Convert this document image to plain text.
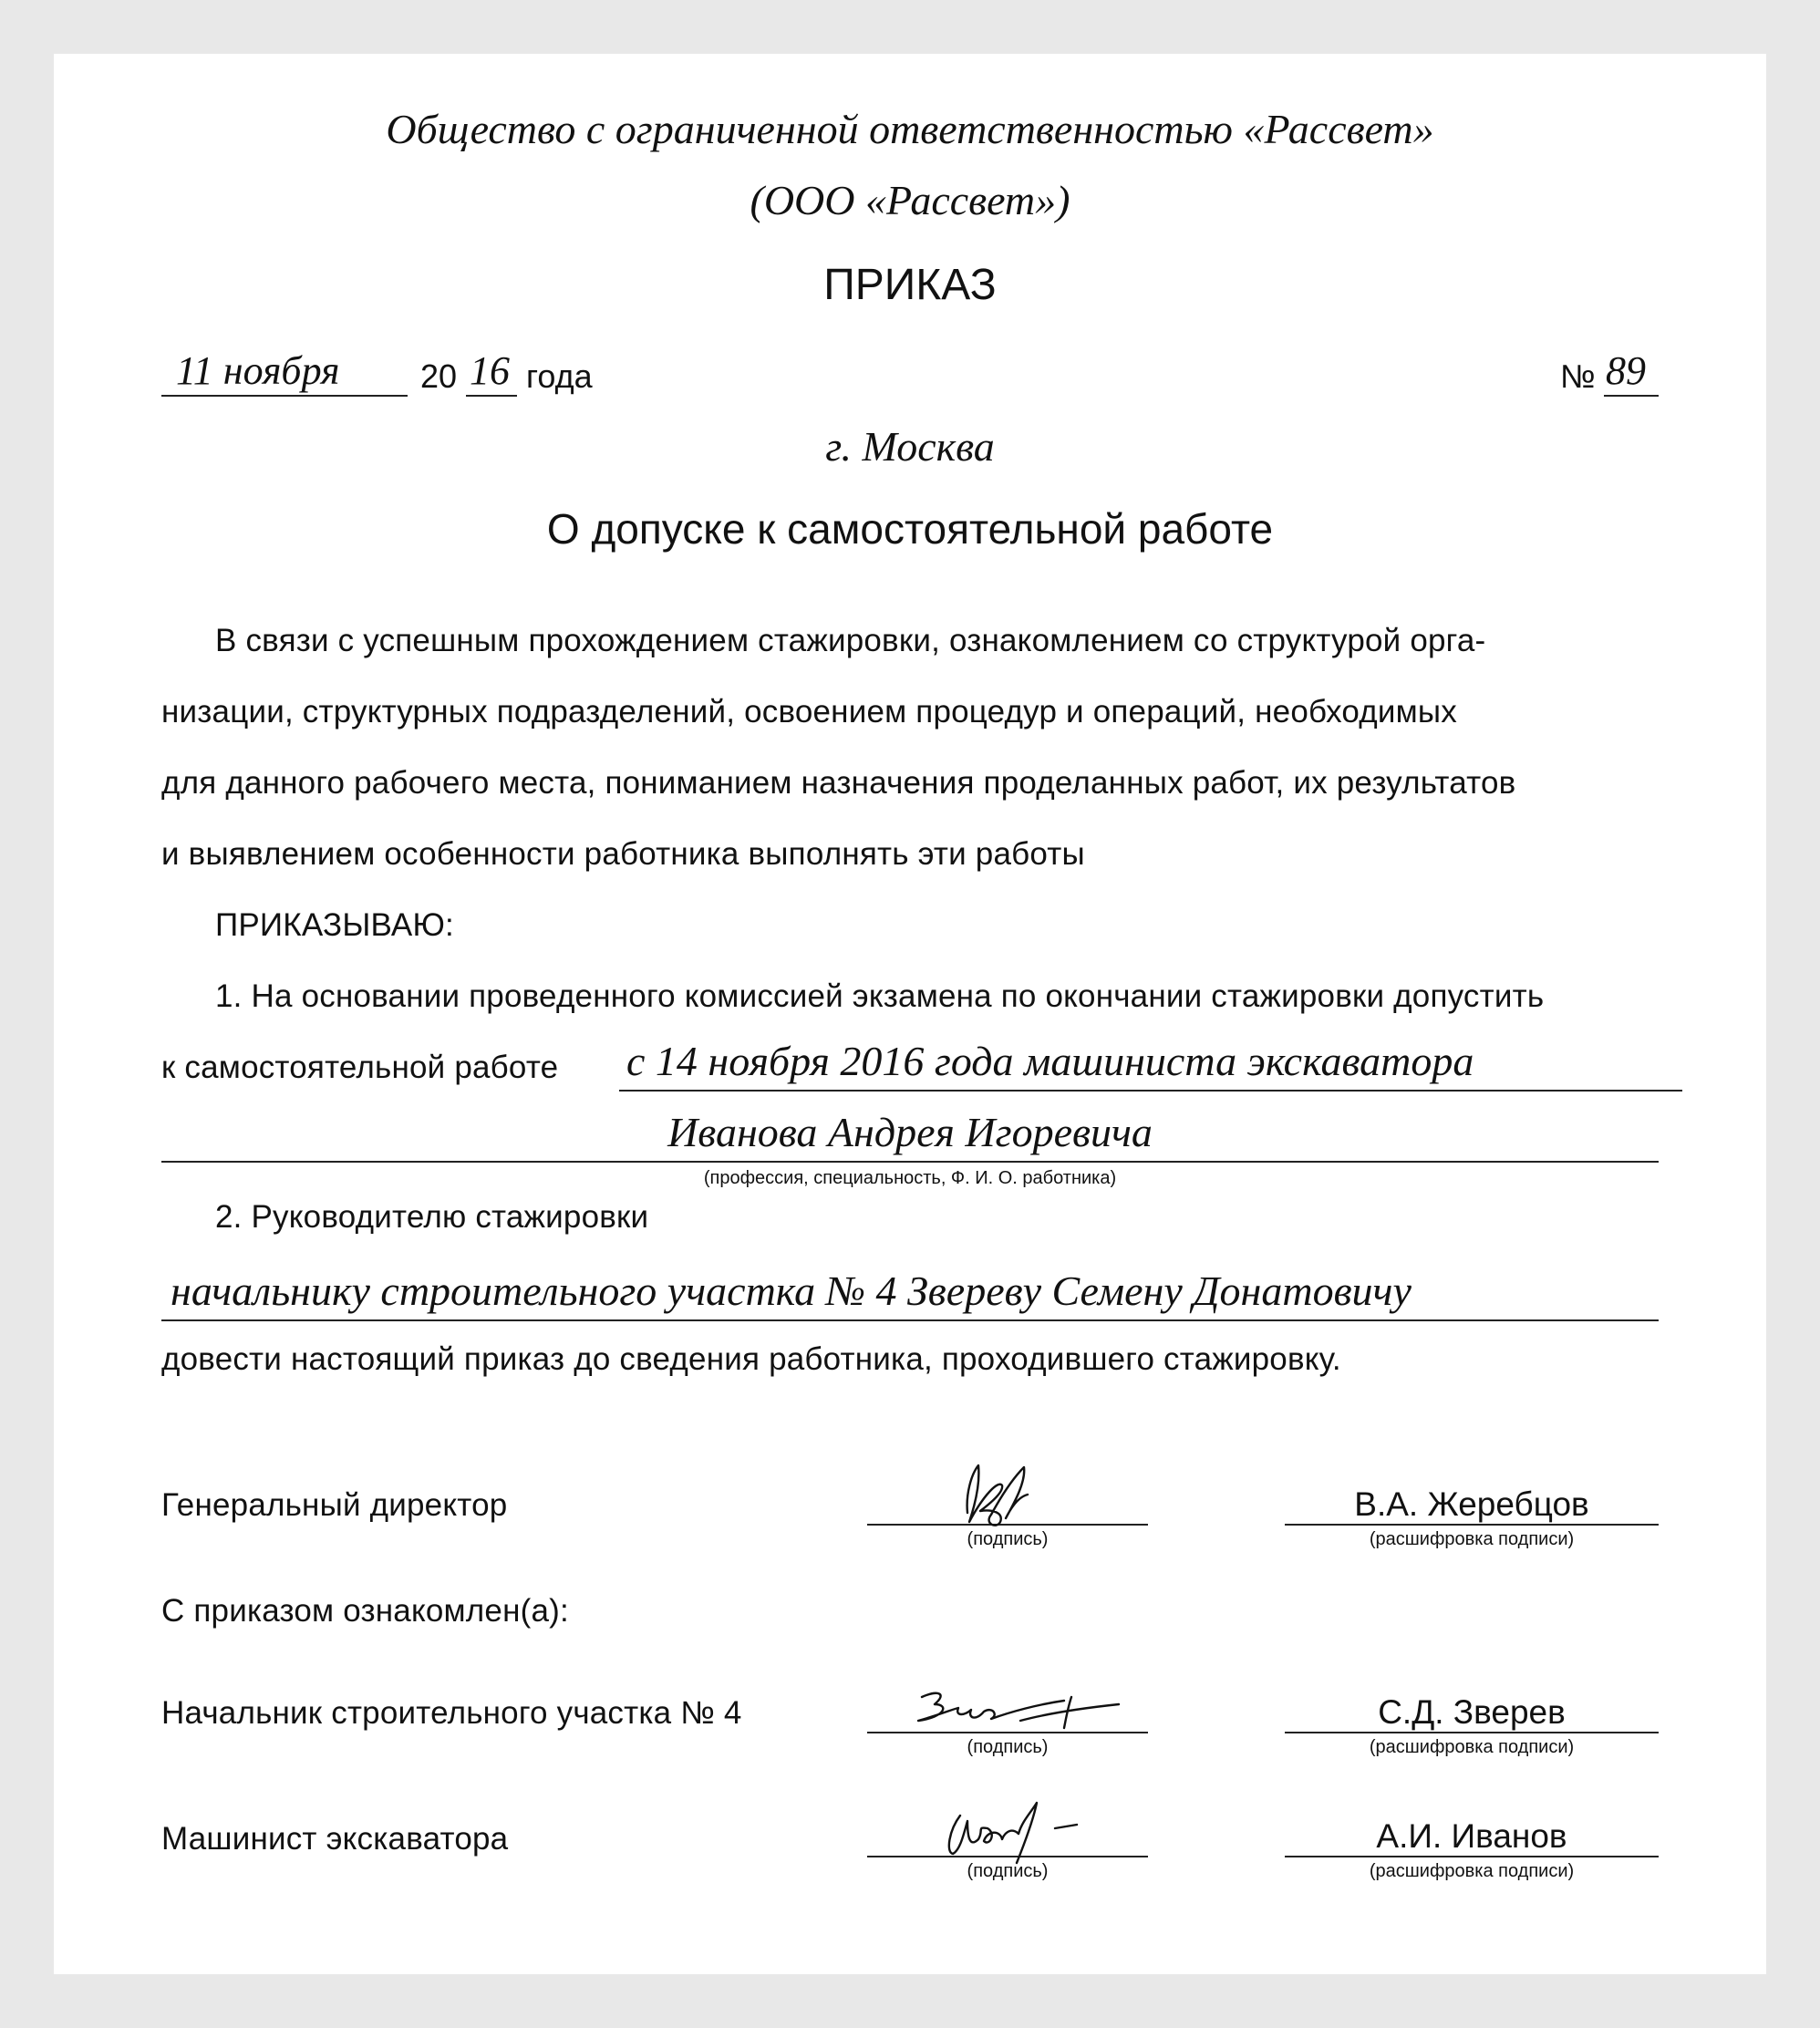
Общество с ограниченной ответственностью «Рассвет»
(ООО «Рассвет»)
ПРИКАЗ
11 ноября 20 16 года	№ 89
г. Москва
О допуске к самостоятельной работе
В связи с успешным прохождением стажировки, ознакомлением со структурой орга-
низации, структурных подразделений, освоением процедур и операций, необходимых
для данного рабочего места, пониманием назначения проделанных работ, их результатов
и выявлением особенности работника выполнять эти работы
ПРИКАЗЫВАЮ:
1. На основании проведенного комиссией экзамена по окончании стажировки допустить
к самостоятельной работе с 14 ноября 2016 года машиниста экскаватора
Иванова Андрея Игоревича
(профессия, специальность, Ф. И. О. работника)
2. Руководителю стажировки
начальнику строительного участка № 4 Звереву Семену Донатовичу
довести настоящий приказ до сведения работника, проходившего стажировку.
Генеральный директор
(подпись)
В.А. Жеребцов
(расшифровка подписи)
С приказом ознакомлен(а):
Начальник строительного участка № 4
(подпись)
С.Д. Зверев
(расшифровка подписи)
Машинист экскаватора
(подпись)
А.И. Иванов
(расшифровка подписи)
